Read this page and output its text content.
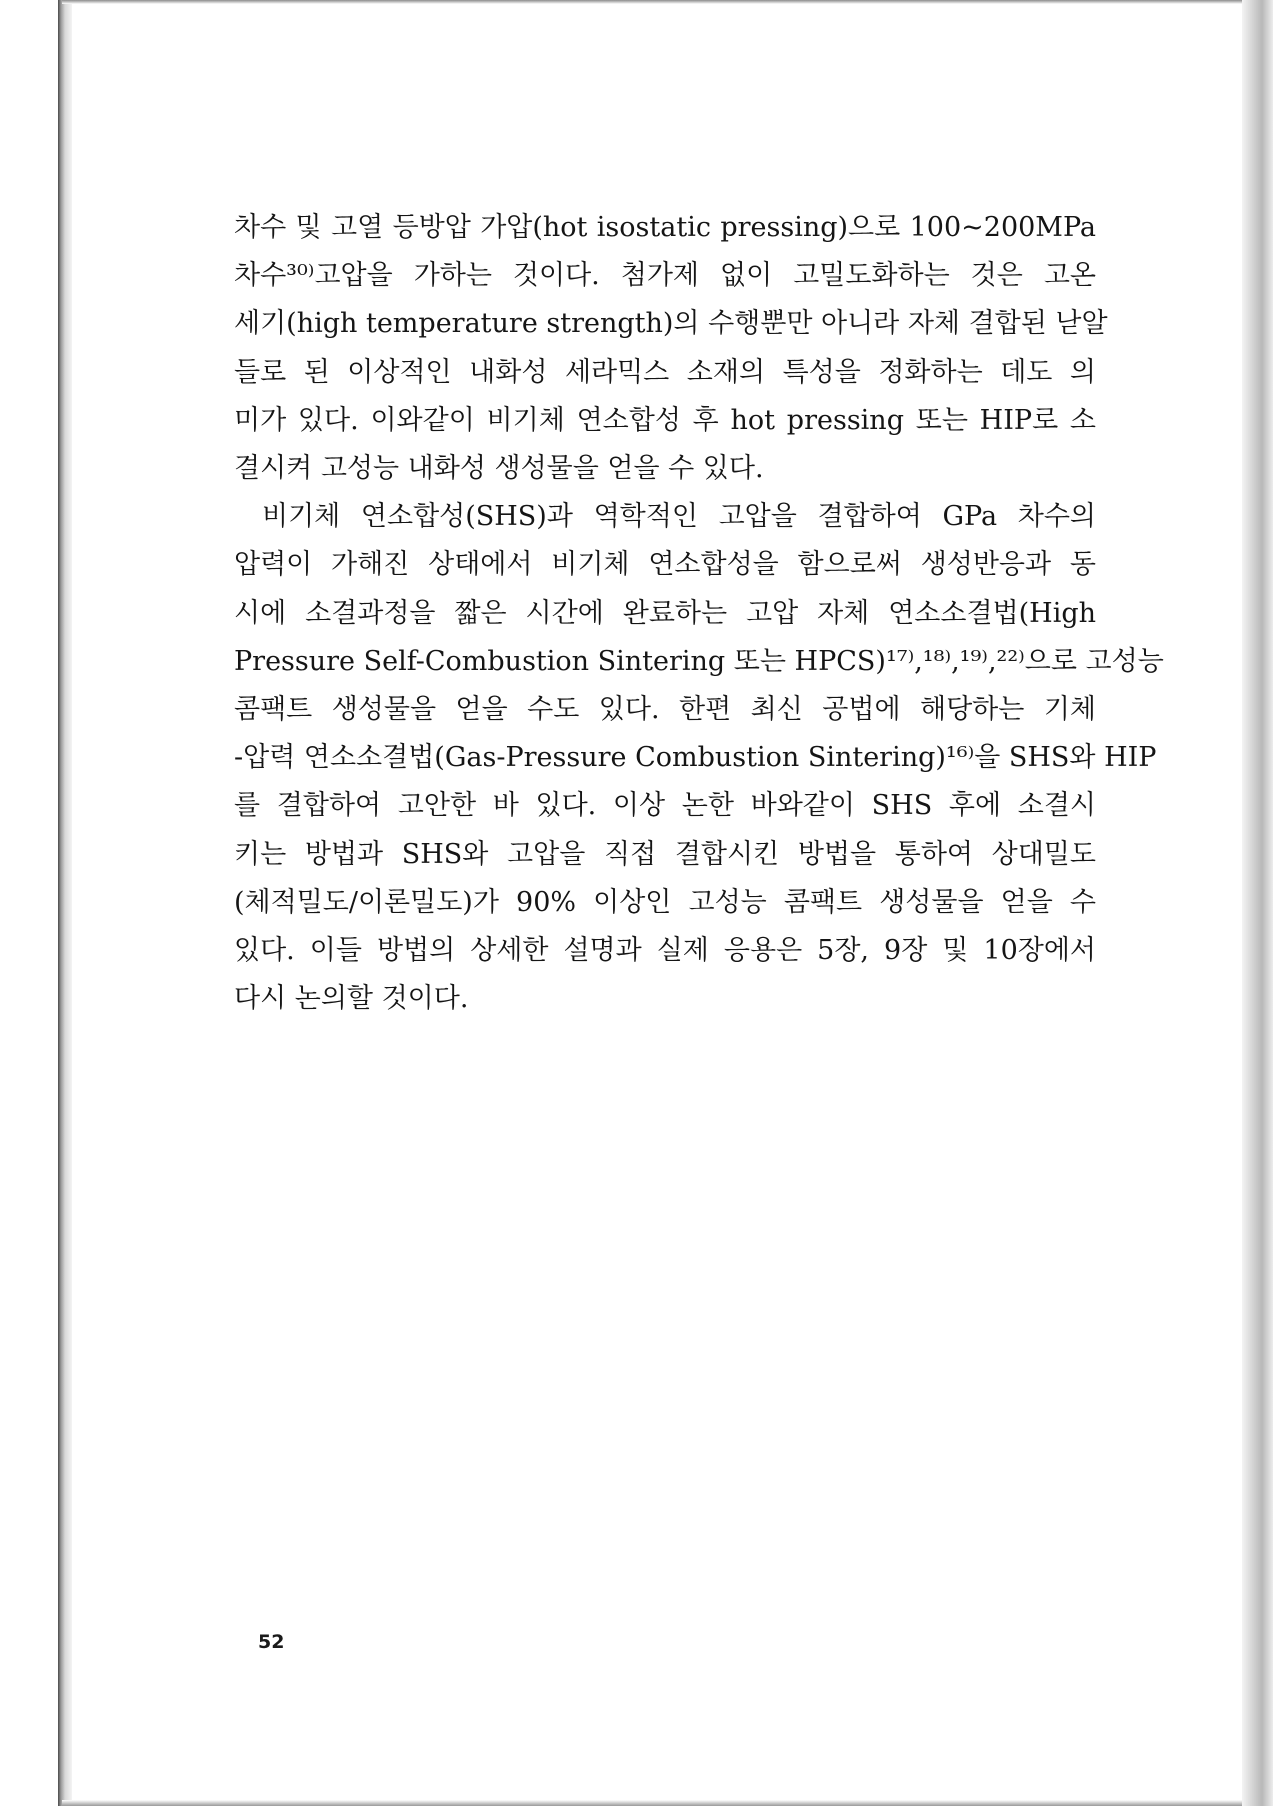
차수 및 고열 등방압 가압(hot isostatic pressing)으로 100~200MPa
차수³⁰⁾고압을 가하는 것이다. 첨가제 없이 고밀도화하는 것은 고온
세기(high temperature strength)의 수행뿐만 아니라 자체 결합된 낟알
들로 된 이상적인 내화성 세라믹스 소재의 특성을 정화하는 데도 의
미가 있다. 이와같이 비기체 연소합성 후 hot pressing 또는 HIP로 소
결시켜 고성능 내화성 생성물을 얻을 수 있다.
비기체 연소합성(SHS)과 역학적인 고압을 결합하여 GPa 차수의
압력이 가해진 상태에서 비기체 연소합성을 함으로써 생성반응과 동
시에 소결과정을 짧은 시간에 완료하는 고압 자체 연소소결법(High
Pressure Self-Combustion Sintering 또는 HPCS)¹⁷⁾,¹⁸⁾,¹⁹⁾,²²⁾으로 고성능
콤팩트 생성물을 얻을 수도 있다. 한편 최신 공법에 해당하는 기체
-압력 연소소결법(Gas-Pressure Combustion Sintering)¹⁶⁾을 SHS와 HIP
를 결합하여 고안한 바 있다. 이상 논한 바와같이 SHS 후에 소결시
키는 방법과 SHS와 고압을 직접 결합시킨 방법을 통하여 상대밀도
(체적밀도/이론밀도)가 90% 이상인 고성능 콤팩트 생성물을 얻을 수
있다. 이들 방법의 상세한 설명과 실제 응용은 5장, 9장 및 10장에서
다시 논의할 것이다.
52
